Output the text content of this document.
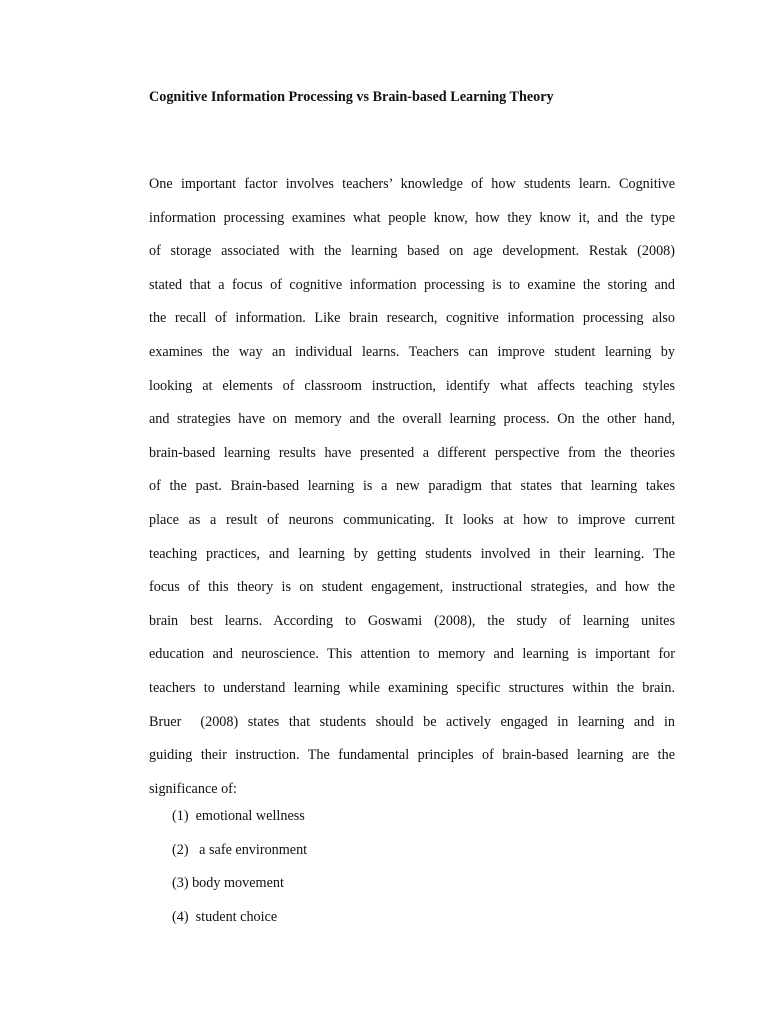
Cognitive Information Processing vs Brain-based Learning Theory
One important factor involves teachers’ knowledge of how students learn. Cognitive
information processing examines what people know, how they know it, and the type
of storage associated with the learning based on age development. Restak (2008)
stated that a focus of cognitive information processing is to examine the storing and
the recall of information. Like brain research, cognitive information processing also
examines the way an individual learns. Teachers can improve student learning by
looking at elements of classroom instruction, identify what affects teaching styles
and strategies have on memory and the overall learning process. On the other hand,
brain-based learning results have presented a different perspective from the theories
of the past. Brain-based learning is a new paradigm that states that learning takes
place as a result of neurons communicating. It looks at how to improve current
teaching practices, and learning by getting students involved in their learning. The
focus of this theory is on student engagement, instructional strategies, and how the
brain best learns. According to Goswami (2008), the study of learning unites
education and neuroscience. This attention to memory and learning is important for
teachers to understand learning while examining specific structures within the brain.
Bruer  (2008) states that students should be actively engaged in learning and in
guiding their instruction. The fundamental principles of brain-based learning are the
significance of:
(1)  emotional wellness
(2)   a safe environment
(3) body movement
(4)  student choice
